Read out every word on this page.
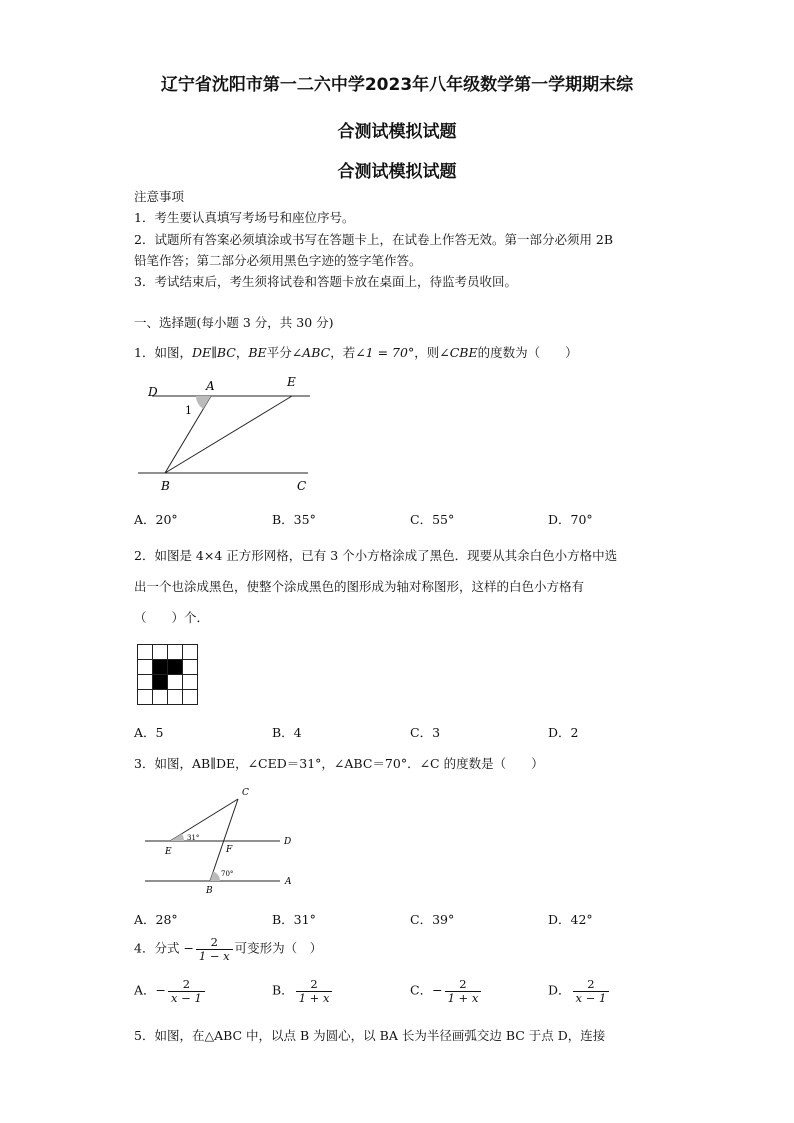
辽宁省沈阳市第一二六中学2023年八年级数学第一学期期末综
合测试模拟试题
合测试模拟试题
注意事项
1．考生要认真填写考场号和座位序号。
2．试题所有答案必须填涂或书写在答题卡上，在试卷上作答无效。第一部分必须用 2B
铅笔作答；第二部分必须用黑色字迹的签字笔作答。
3．考试结束后，考生须将试卷和答题卡放在桌面上，待监考员收回。
一、选择题(每小题 3 分，共 30 分)
1．如图，DE∥BC，BE平分∠ABC，若∠1 = 70°，则∠CBE的度数为（　　）
D	A	E
1
B	C
A．20°	B．35°	C．55°	D．70°
2．如图是 4×4 正方形网格，已有 3 个小方格涂成了黑色．现要从其余白色小方格中选
出一个也涂成黑色，使整个涂成黑色的图形成为轴对称图形，这样的白色小方格有
（　　）个．
A．5	B．4	C．3	D．2
3．如图，AB∥DE，∠CED＝31°，∠ABC＝70°．∠C 的度数是（　　）
C
E	F
D
B
A
31°
70°
A．28°	B．31°	C．39°	D．42°
4．分式 − $\frac{2}{1 - x}$ 可变形为（　）
A．− $\frac{2}{x - 1}$	B． $\frac{2}{1 + x}$	C．− $\frac{2}{1 + x}$	D． $\frac{2}{x - 1}$
5．如图，在△ABC 中，以点 B 为圆心，以 BA 长为半径画弧交边 BC 于点 D，连接
